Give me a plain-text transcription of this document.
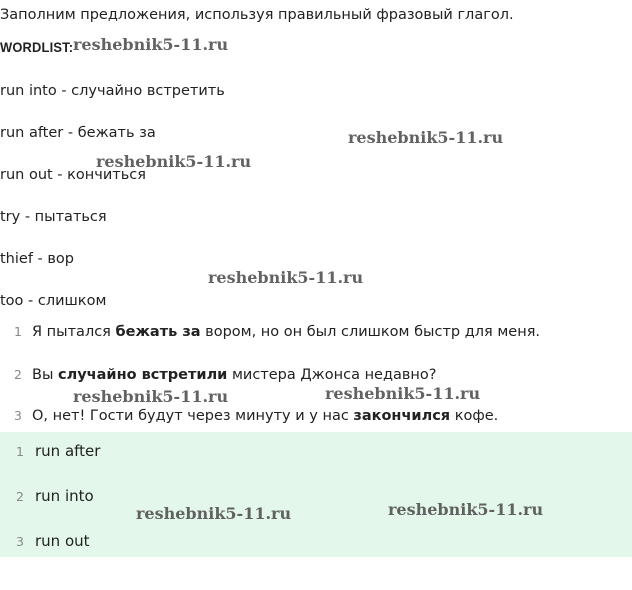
Заполним предложения, используя правильный фразовый глагол.
WORDLIST:
run into - случайно встретить
run after - бежать за
run out - кончиться
try - пытаться
thief - вор
too - слишком
1 Я пытался бежать за вором, но он был слишком быстр для меня.
2 Вы случайно встретили мистера Джонса недавно?
3 О, нет! Гости будут через минуту и у нас закончился кофе.
1 run after
2 run into
3 run out
reshebnik5-11.ru
reshebnik5-11.ru
reshebnik5-11.ru
reshebnik5-11.ru
reshebnik5-11.ru	reshebnik5-11.ru
reshebnik5-11.ru	reshebnik5-11.ru
